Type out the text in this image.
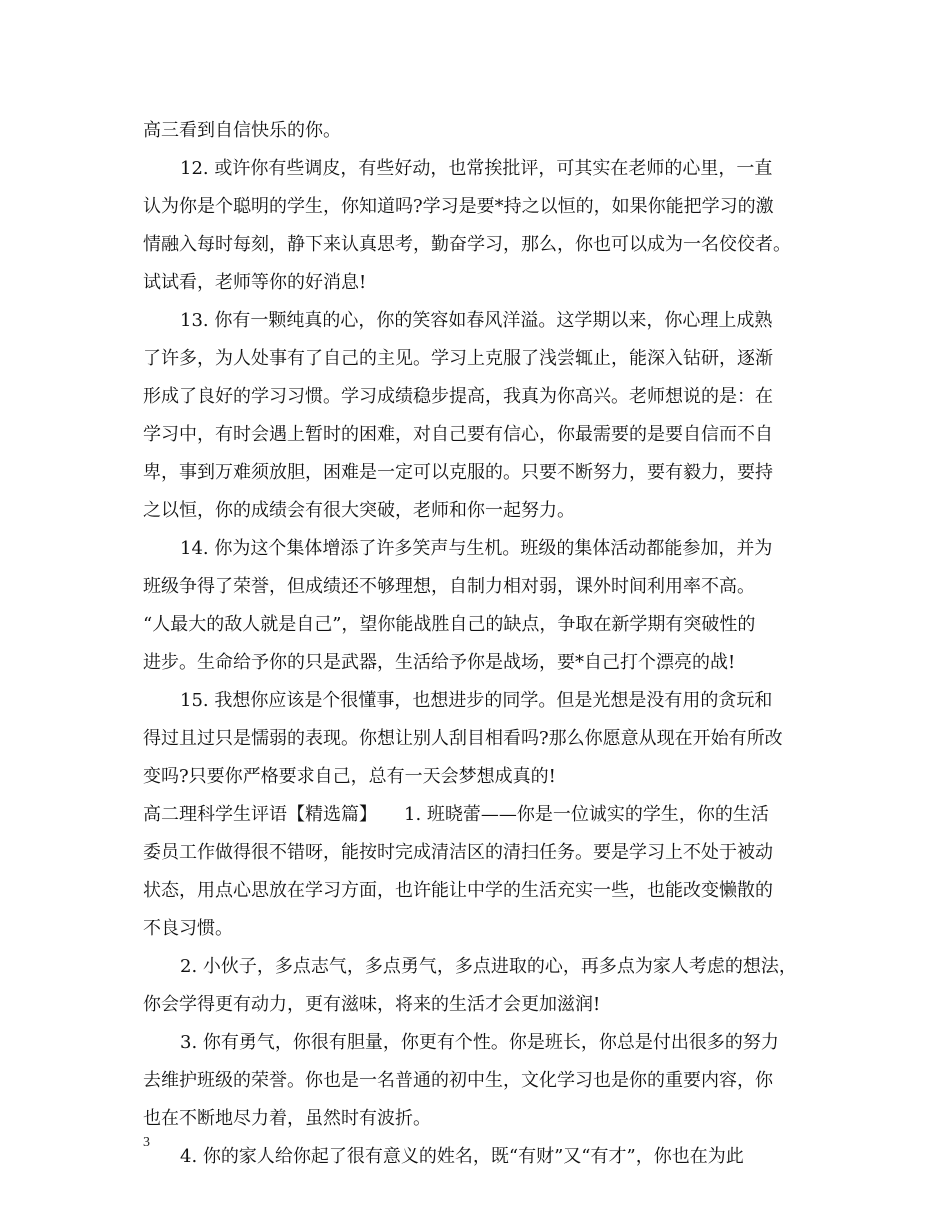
高三看到自信快乐的你。
12. 或许你有些调皮，有些好动，也常挨批评，可其实在老师的心里，一直
认为你是个聪明的学生，你知道吗?学习是要*持之以恒的，如果你能把学习的激
情融入每时每刻，静下来认真思考，勤奋学习，那么，你也可以成为一名佼佼者。
试试看，老师等你的好消息!
13. 你有一颗纯真的心，你的笑容如春风洋溢。这学期以来，你心理上成熟
了许多，为人处事有了自己的主见。学习上克服了浅尝辄止，能深入钻研，逐渐
形成了良好的学习习惯。学习成绩稳步提高，我真为你高兴。老师想说的是：在
学习中，有时会遇上暂时的困难，对自己要有信心，你最需要的是要自信而不自
卑，事到万难须放胆，困难是一定可以克服的。只要不断努力，要有毅力，要持
之以恒，你的成绩会有很大突破，老师和你一起努力。
14. 你为这个集体增添了许多笑声与生机。班级的集体活动都能参加，并为
班级争得了荣誉，但成绩还不够理想，自制力相对弱，课外时间利用率不高。
“人最大的敌人就是自己”，望你能战胜自己的缺点，争取在新学期有突破性的
进步。生命给予你的只是武器，生活给予你是战场，要*自己打个漂亮的战!
15. 我想你应该是个很懂事，也想进步的同学。但是光想是没有用的贪玩和
得过且过只是懦弱的表现。你想让别人刮目相看吗?那么你愿意从现在开始有所改
变吗?只要你严格要求自己，总有一天会梦想成真的!
高二理科学生评语【精选篇】　　1. 班晓蕾——你是一位诚实的学生，你的生活
委员工作做得很不错呀，能按时完成清洁区的清扫任务。要是学习上不处于被动
状态，用点心思放在学习方面，也许能让中学的生活充实一些，也能改变懒散的
不良习惯。
2. 小伙子，多点志气，多点勇气，多点进取的心，再多点为家人考虑的想法，
你会学得更有动力，更有滋味，将来的生活才会更加滋润!
3. 你有勇气，你很有胆量，你更有个性。你是班长，你总是付出很多的努力
去维护班级的荣誉。你也是一名普通的初中生，文化学习也是你的重要内容，你
也在不断地尽力着，虽然时有波折。
4. 你的家人给你起了很有意义的姓名，既“有财”又“有才”，你也在为此
3
